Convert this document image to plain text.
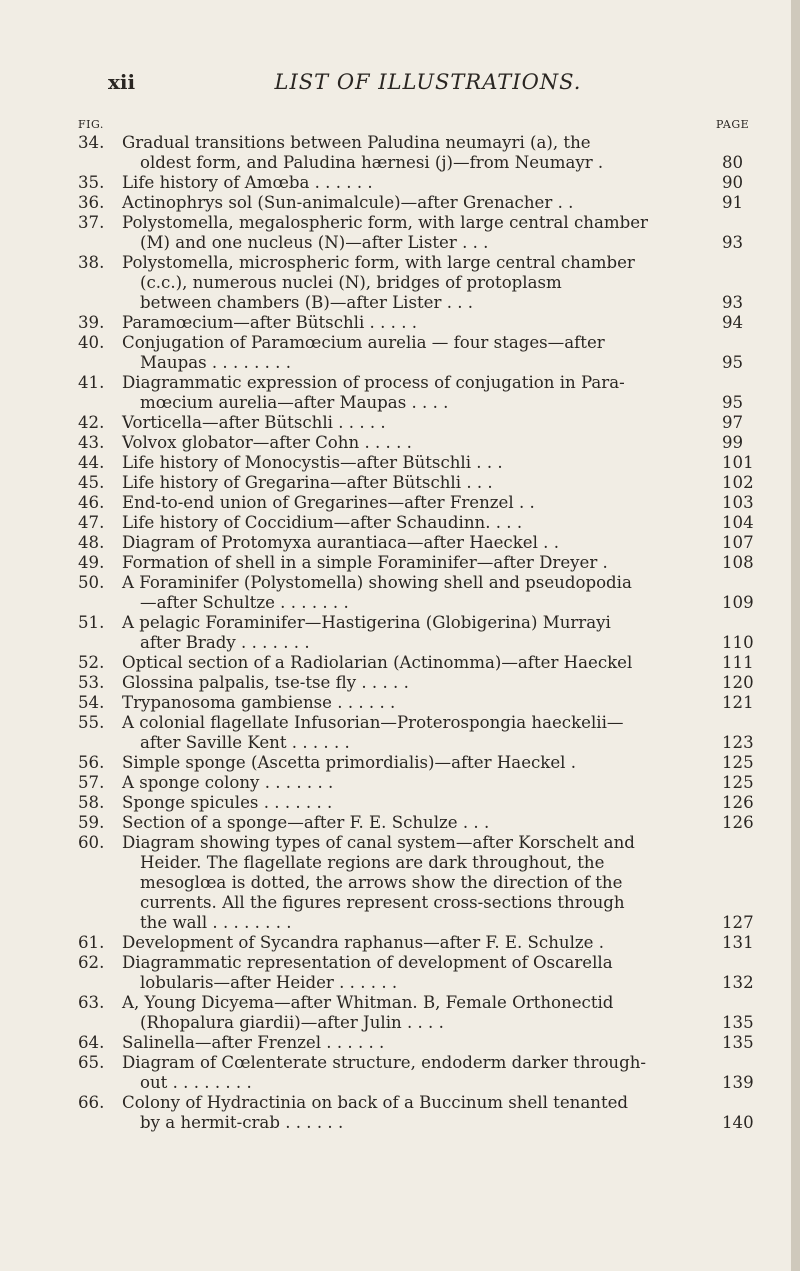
xii	LIST OF ILLUSTRATIONS.
FIG.	PAGE
34.	Gradual transitions between Paludina neumayri (a), the
oldest form, and Paludina hærnesi (j)—from Neumayr .	80
35.	Life history of Amœba . . . . . .	90
36.	Actinophrys sol (Sun-animalcule)—after Grenacher . .	91
37.	Polystomella, megalospheric form, with large central chamber
(M) and one nucleus (N)—after Lister . . .	93
38.	Polystomella, microspheric form, with large central chamber
(c.c.), numerous nuclei (N), bridges of protoplasm
between chambers (B)—after Lister . . .	93
39.	Paramœcium—after Bütschli . . . . .	94
40.	Conjugation of Paramœcium aurelia — four stages—after
Maupas . . . . . . . .	95
41.	Diagrammatic expression of process of conjugation in Para-
mœcium aurelia—after Maupas . . . .	95
42.	Vorticella—after Bütschli . . . . .	97
43.	Volvox globator—after Cohn . . . . .	99
44.	Life history of Monocystis—after Bütschli . . .	101
45.	Life history of Gregarina—after Bütschli . . .	102
46.	End-to-end union of Gregarines—after Frenzel . .	103
47.	Life history of Coccidium—after Schaudinn. . . .	104
48.	Diagram of Protomyxa aurantiaca—after Haeckel . .	107
49.	Formation of shell in a simple Foraminifer—after Dreyer .	108
50.	A Foraminifer (Polystomella) showing shell and pseudopodia
—after Schultze . . . . . . .	109
51.	A pelagic Foraminifer—Hastigerina (Globigerina) Murrayi
after Brady . . . . . . .	110
52.	Optical section of a Radiolarian (Actinomma)—after Haeckel	111
53.	Glossina palpalis, tse-tse fly . . . . .	120
54.	Trypanosoma gambiense . . . . . .	121
55.	A colonial flagellate Infusorian—Proterospongia haeckelii—
after Saville Kent . . . . . .	123
56.	Simple sponge (Ascetta primordialis)—after Haeckel .	125
57.	A sponge colony . . . . . . .	125
58.	Sponge spicules . . . . . . .	126
59.	Section of a sponge—after F. E. Schulze . . .	126
60.	Diagram showing types of canal system—after Korschelt and
Heider. The flagellate regions are dark throughout, the
mesoglœa is dotted, the arrows show the direction of the
currents. All the figures represent cross-sections through
the wall . . . . . . . .	127
61.	Development of Sycandra raphanus—after F. E. Schulze .	131
62.	Diagrammatic representation of development of Oscarella
lobularis—after Heider . . . . . .	132
63.	A, Young Dicyema—after Whitman. B, Female Orthonectid
(Rhopalura giardii)—after Julin . . . .	135
64.	Salinella—after Frenzel . . . . . .	135
65.	Diagram of Cœlenterate structure, endoderm darker through-
out . . . . . . . .	139
66.	Colony of Hydractinia on back of a Buccinum shell tenanted
by a hermit-crab . . . . . .	140
